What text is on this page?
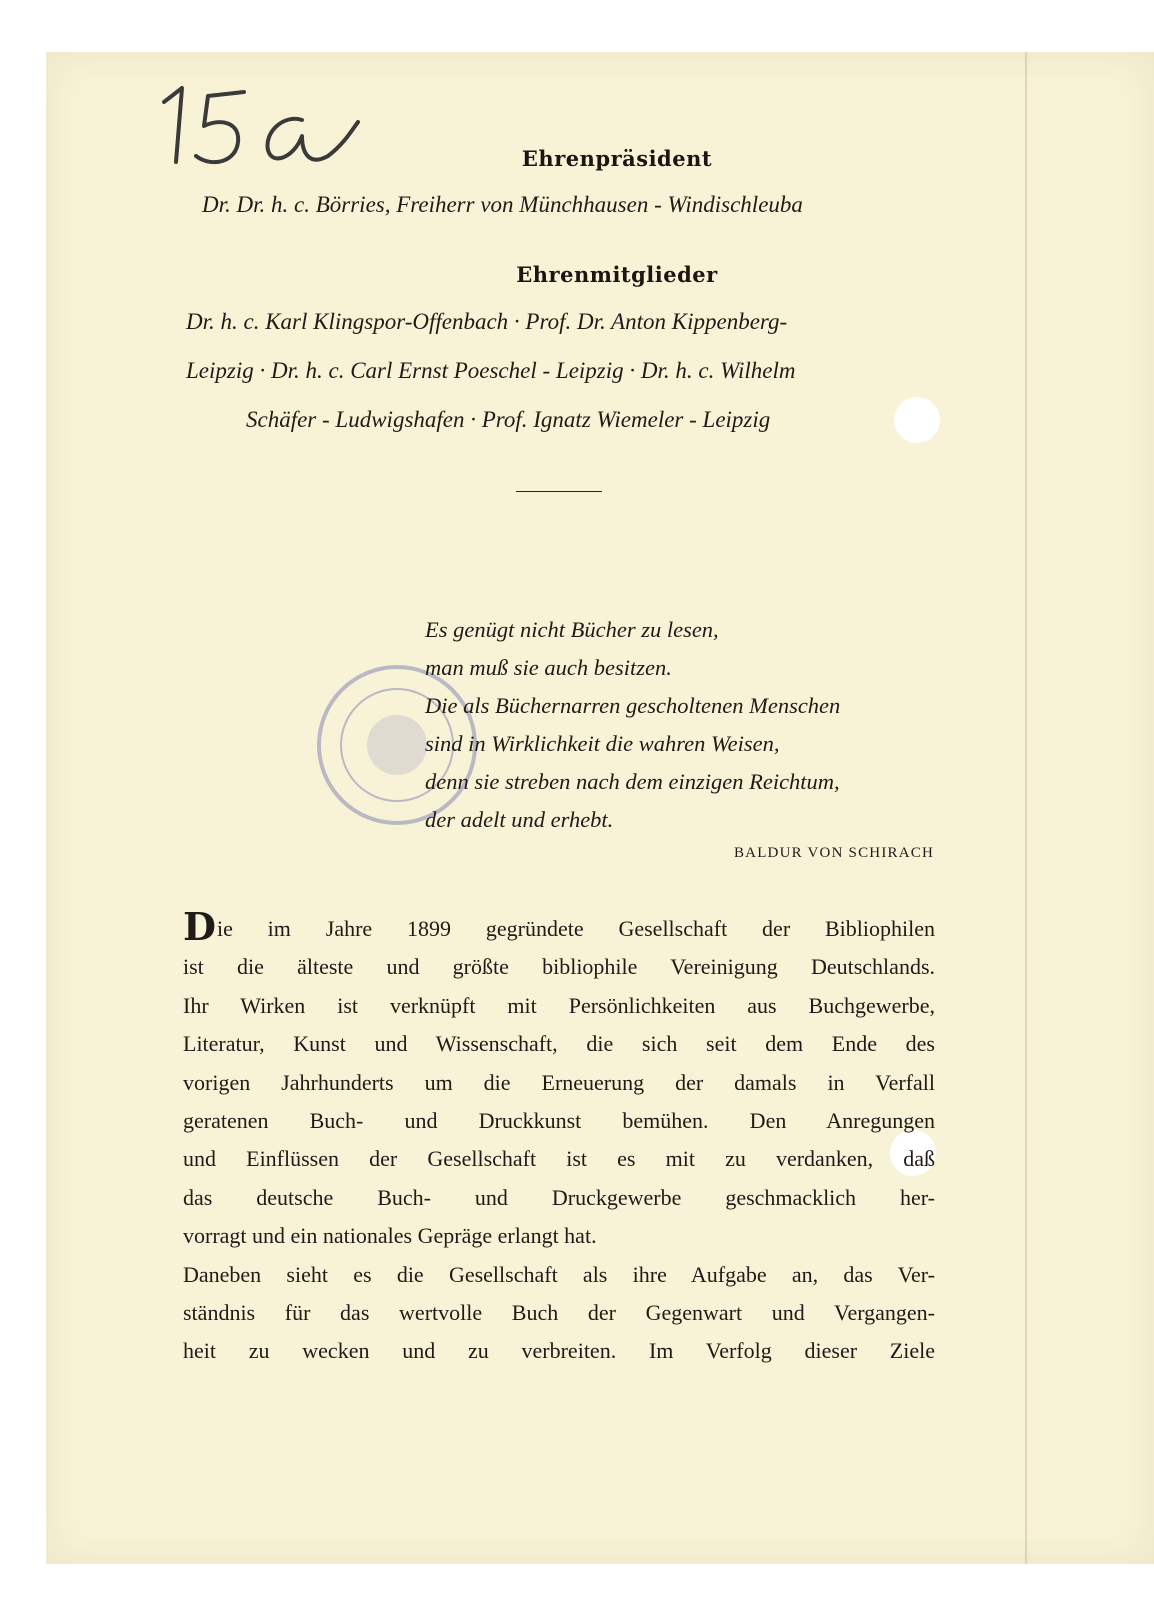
Ehrenpräsident
Dr. Dr. h. c. Börries, Freiherr von Münchhausen - Windischleuba
Ehrenmitglieder
Dr. h. c. Karl Klingspor-Offenbach · Prof. Dr. Anton Kippenberg-
Leipzig · Dr. h. c. Carl Ernst Poeschel - Leipzig · Dr. h. c. Wilhelm
Schäfer - Ludwigshafen · Prof. Ignatz Wiemeler - Leipzig
Es genügt nicht Bücher zu lesen,
man muß sie auch besitzen.
Die als Büchernarren gescholtenen Menschen
sind in Wirklichkeit die wahren Weisen,
denn sie streben nach dem einzigen Reichtum,
der adelt und erhebt.
BALDUR VON SCHIRACH
Die im Jahre 1899 gegründete Gesellschaft der Bibliophilen
ist die älteste und größte bibliophile Vereinigung Deutschlands.
Ihr Wirken ist verknüpft mit Persönlichkeiten aus Buchgewerbe,
Literatur, Kunst und Wissenschaft, die sich seit dem Ende des
vorigen Jahrhunderts um die Erneuerung der damals in Verfall
geratenen Buch- und Druckkunst bemühen. Den Anregungen
und Einflüssen der Gesellschaft ist es mit zu verdanken, daß
das deutsche Buch- und Druckgewerbe geschmacklich her-
vorragt und ein nationales Gepräge erlangt hat.
Daneben sieht es die Gesellschaft als ihre Aufgabe an, das Ver-
ständnis für das wertvolle Buch der Gegenwart und Vergangen-
heit zu wecken und zu verbreiten. Im Verfolg dieser Ziele
